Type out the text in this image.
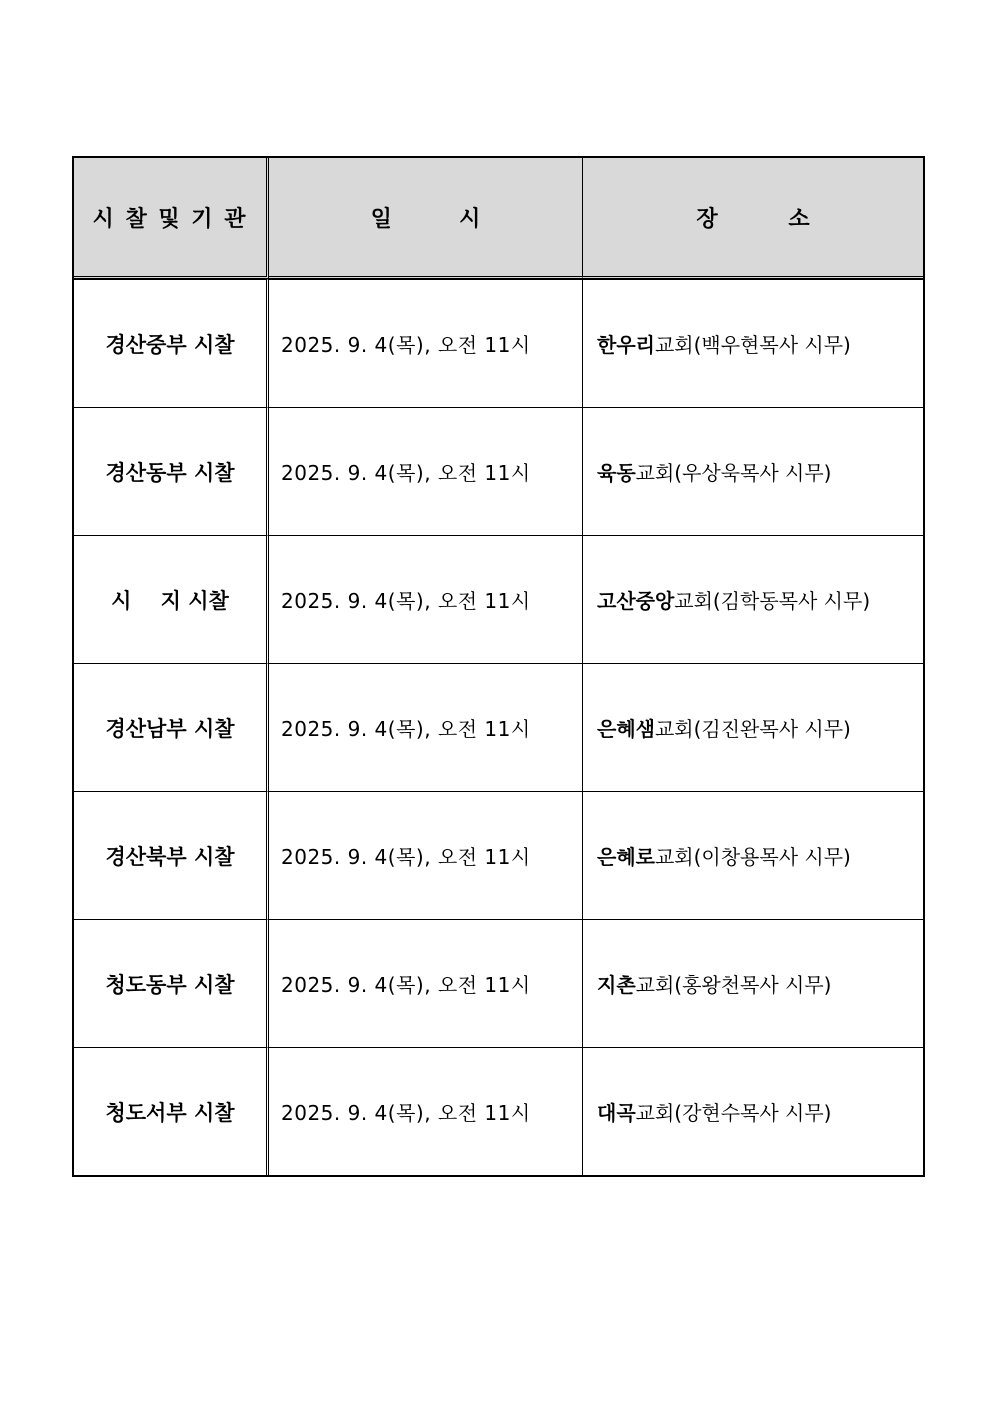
시 찰 및 기 관	일 시	장 소

경산중부 시찰	2025. 9. 4(목), 오전 11시	한우리교회(백우현목사 시무)

경산동부 시찰	2025. 9. 4(목), 오전 11시	육동교회(우상욱목사 시무)

시    지 시찰	2025. 9. 4(목), 오전 11시	고산중앙교회(김학동목사 시무)

경산남부 시찰	2025. 9. 4(목), 오전 11시	은혜샘교회(김진완목사 시무)

경산북부 시찰	2025. 9. 4(목), 오전 11시	은혜로교회(이창용목사 시무)

청도동부 시찰	2025. 9. 4(목), 오전 11시	지촌교회(홍왕천목사 시무)

청도서부 시찰	2025. 9. 4(목), 오전 11시	대곡교회(강현수목사 시무)
